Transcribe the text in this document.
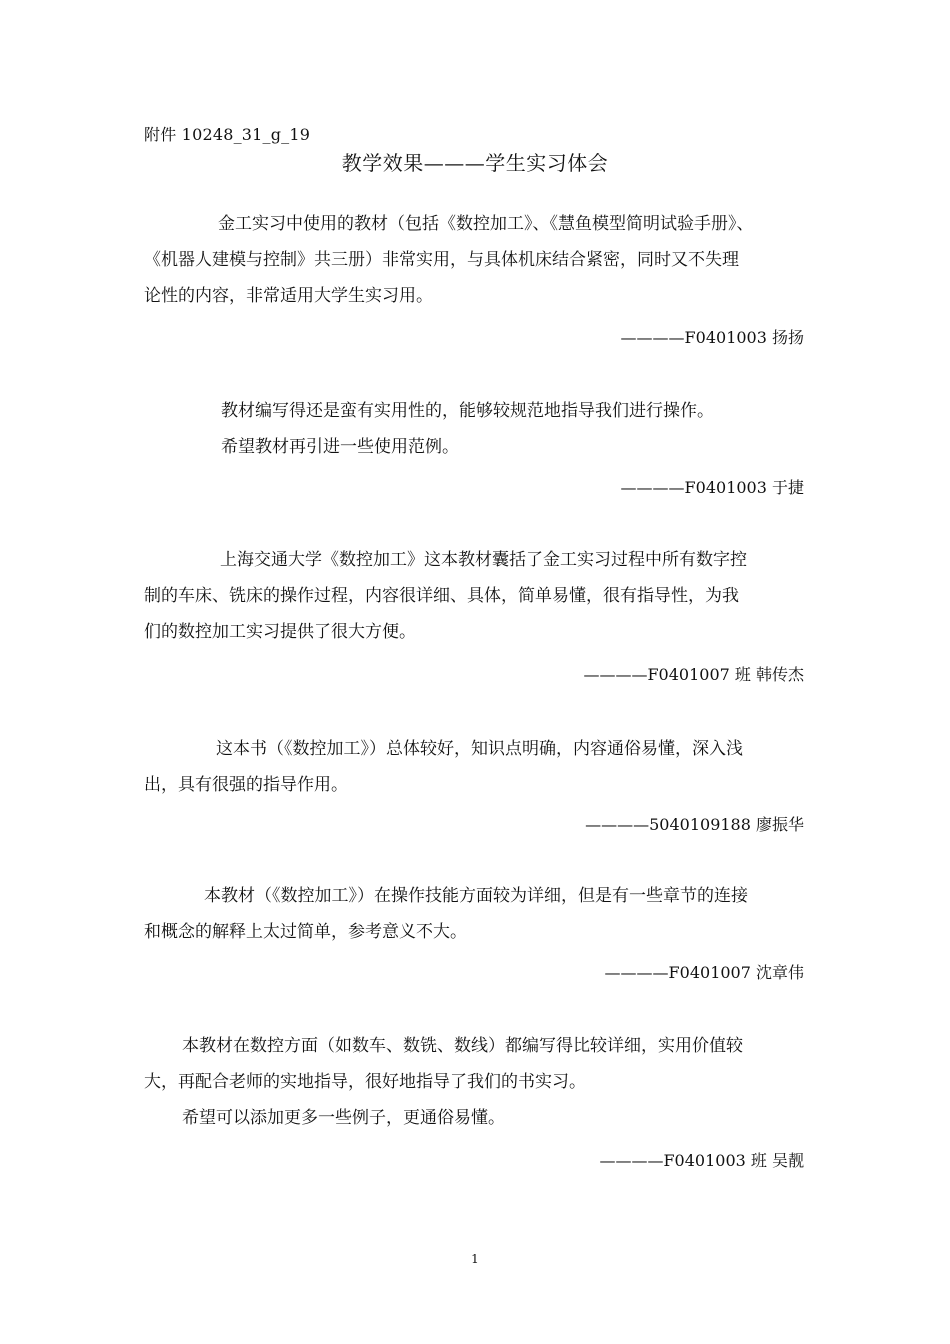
附件 10248_31_g_19
教学效果———学生实习体会
金工实习中使用的教材（包括《数控加工》、《慧鱼模型简明试验手册》、
《机器人建模与控制》共三册）非常实用，与具体机床结合紧密，同时又不失理
论性的内容，非常适用大学生实习用。
————F0401003 扬扬
教材编写得还是蛮有实用性的，能够较规范地指导我们进行操作。
希望教材再引进一些使用范例。
————F0401003 于捷
上海交通大学《数控加工》这本教材囊括了金工实习过程中所有数字控
制的车床、铣床的操作过程，内容很详细、具体，简单易懂，很有指导性，为我
们的数控加工实习提供了很大方便。
————F0401007 班 韩传杰
这本书（《数控加工》）总体较好，知识点明确，内容通俗易懂，深入浅
出，具有很强的指导作用。
————5040109188 廖振华
本教材（《数控加工》）在操作技能方面较为详细，但是有一些章节的连接
和概念的解释上太过简单，参考意义不大。
————F0401007 沈章伟
本教材在数控方面（如数车、数铣、数线）都编写得比较详细，实用价值较
大，再配合老师的实地指导，很好地指导了我们的书实习。
希望可以添加更多一些例子，更通俗易懂。
————F0401003 班 吴靓
1
